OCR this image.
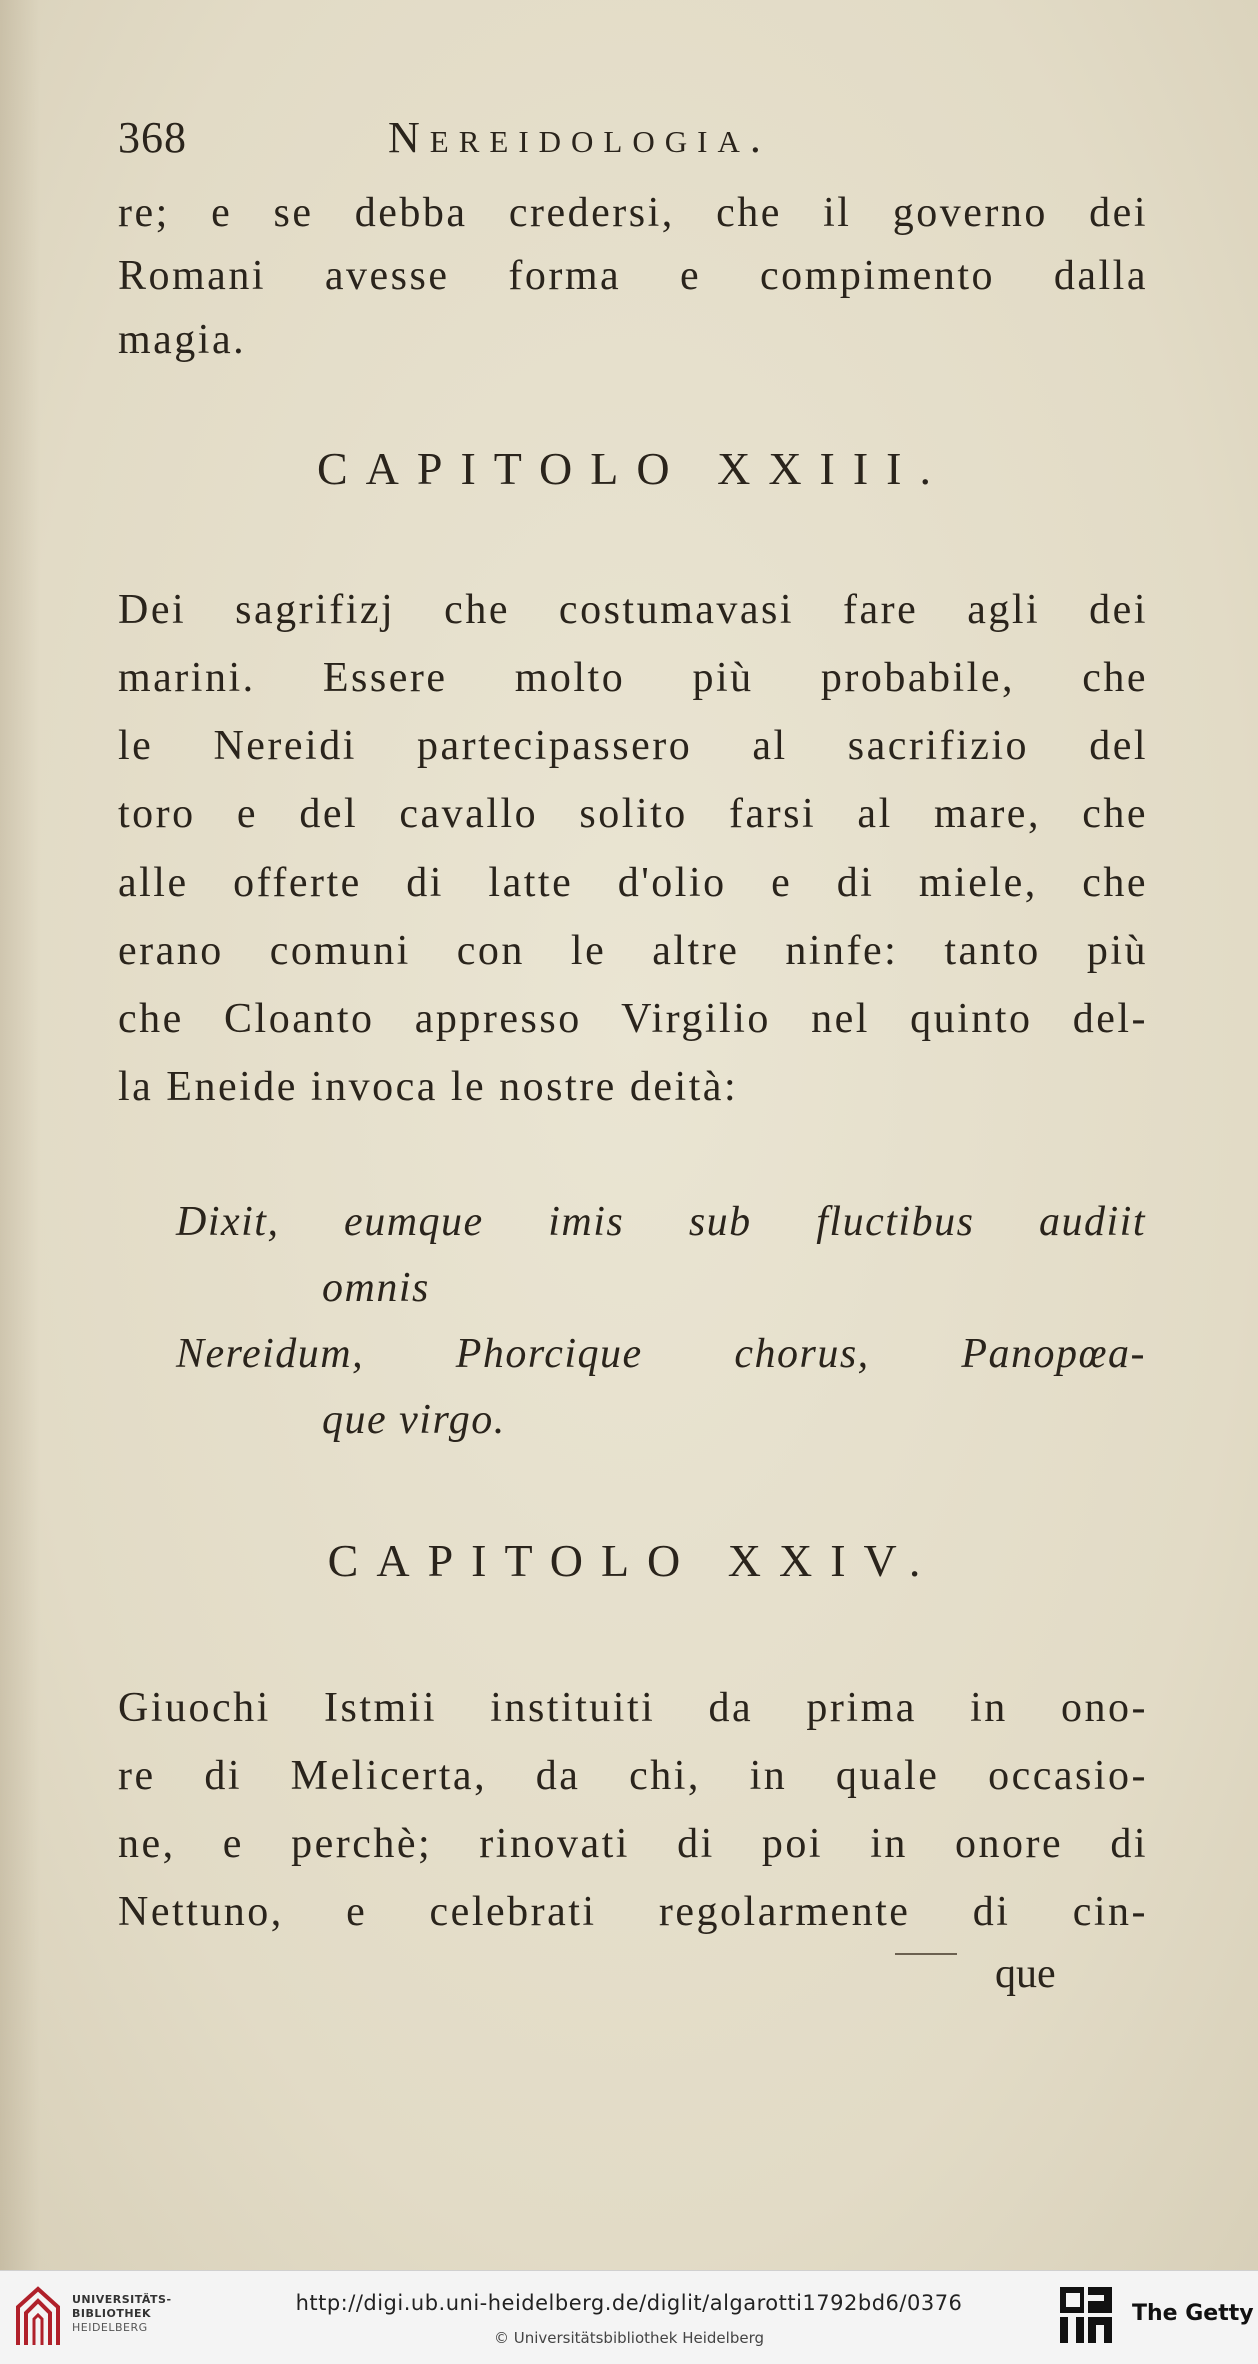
368	Nereidologia.
re; e se debba credersi, che il governo dei
Romani avesse forma e compimento dalla
magia.
CAPITOLO XXIII.
Dei sagrifizj che costumavasi fare agli dei
marini. Essere molto più probabile, che
le Nereidi partecipassero al sacrifizio del
toro e del cavallo solito farsi al mare, che
alle offerte di latte d'olio e di miele, che
erano comuni con le altre ninfe: tanto più
che Cloanto appresso Virgilio nel quinto del-
la Eneide invoca le nostre deità:
Dixit, eumque imis sub fluctibus audiit
omnis
Nereidum, Phorcique chorus, Panopœa-
que virgo.
CAPITOLO XXIV.
Giuochi Istmii instituiti da prima in ono-
re di Melicerta, da chi, in quale occasio-
ne, e perchè; rinovati di poi in onore di
Nettuno, e celebrati regolarmente di cin-
que
UNIVERSITÄTS-
BIBLIOTHEK
HEIDELBERG
http://digi.ub.uni-heidelberg.de/diglit/algarotti1792bd6/0376
© Universitätsbibliothek Heidelberg
The Getty
